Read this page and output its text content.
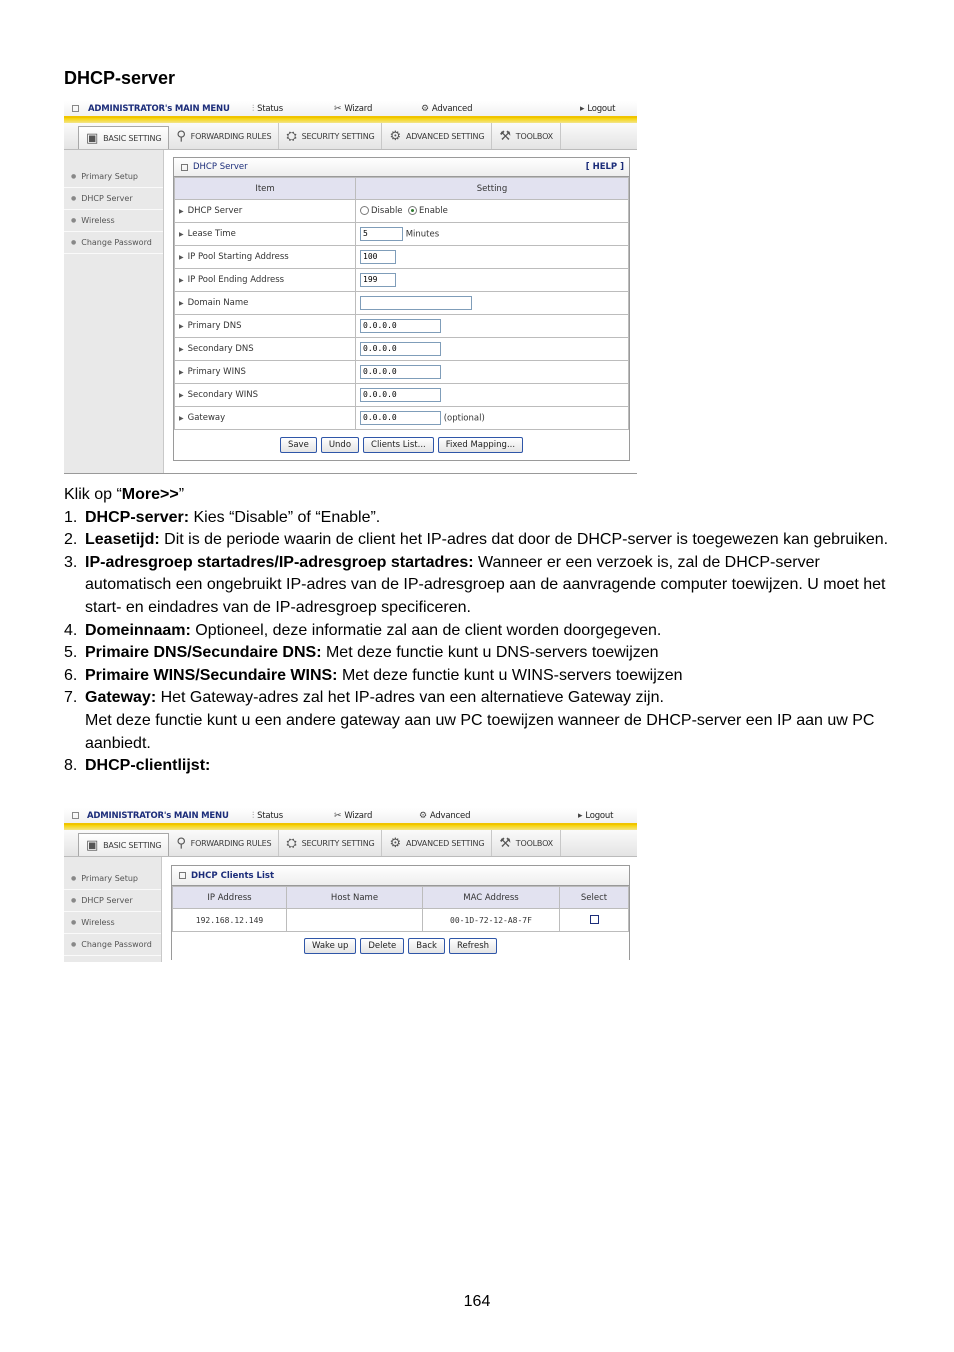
DHCP-server
ADMINISTRATOR's MAIN MENU ⫶ Status	✂ Wizard	⚙ Advanced	▸ Logout
▣ BASIC SETTING ⚲ FORWARDING RULES ⛭ SECURITY SETTING ⚙ ADVANCED SETTING ⚒ TOOLBOX
● Primary Setup
● DHCP Server
● Wireless
● Change Password
DHCP Server	[ HELP ]
Item	Setting
▶ DHCP Server	Disable Enable
▶ Lease Time	5 Minutes
▶ IP Pool Starting Address	100
▶ IP Pool Ending Address	199
▶ Domain Name	
▶ Primary DNS	0.0.0.0
▶ Secondary DNS	0.0.0.0
▶ Primary WINS	0.0.0.0
▶ Secondary WINS	0.0.0.0
▶ Gateway	0.0.0.0 (optional)
Save	Undo	Clients List...	Fixed Mapping...

Klik op “More>>”

1. DHCP-server: Kies “Disable” of “Enable”.
2. Leasetijd: Dit is de periode waarin de client het IP-adres dat door de DHCP-server is toegewezen kan gebruiken.
3. IP-adresgroep startadres/IP-adresgroep startadres: Wanneer er een verzoek is, zal de DHCP-server automatisch een ongebruikt IP-adres van de IP-adresgroep aan de aanvragende computer toewijzen. U moet het start- en eindadres van de IP-adresgroep specificeren.
4. Domeinnaam: Optioneel, deze informatie zal aan de client worden doorgegeven.
5. Primaire DNS/Secundaire DNS: Met deze functie kunt u DNS-servers toewijzen
6. Primaire WINS/Secundaire WINS: Met deze functie kunt u WINS-servers toewijzen
7. Gateway: Het Gateway-adres zal het IP-adres van een alternatieve Gateway zijn.
Met deze functie kunt u een andere gateway aan uw PC toewijzen wanneer de DHCP-server een IP aan uw PC aanbiedt.
8. DHCP-clientlijst:
ADMINISTRATOR's MAIN MENU	⫶ Status	✂ Wizard	⚙ Advanced	▸ Logout
▣ BASIC SETTING ⚲ FORWARDING RULES ⛭ SECURITY SETTING ⚙ ADVANCED SETTING ⚒ TOOLBOX
● Primary Setup
● DHCP Server
● Wireless
● Change Password
DHCP Clients List
IP Address	Host Name	MAC Address	Select
192.168.12.149		00-1D-72-12-A8-7F	
Wake up	Delete	Back	Refresh
164
